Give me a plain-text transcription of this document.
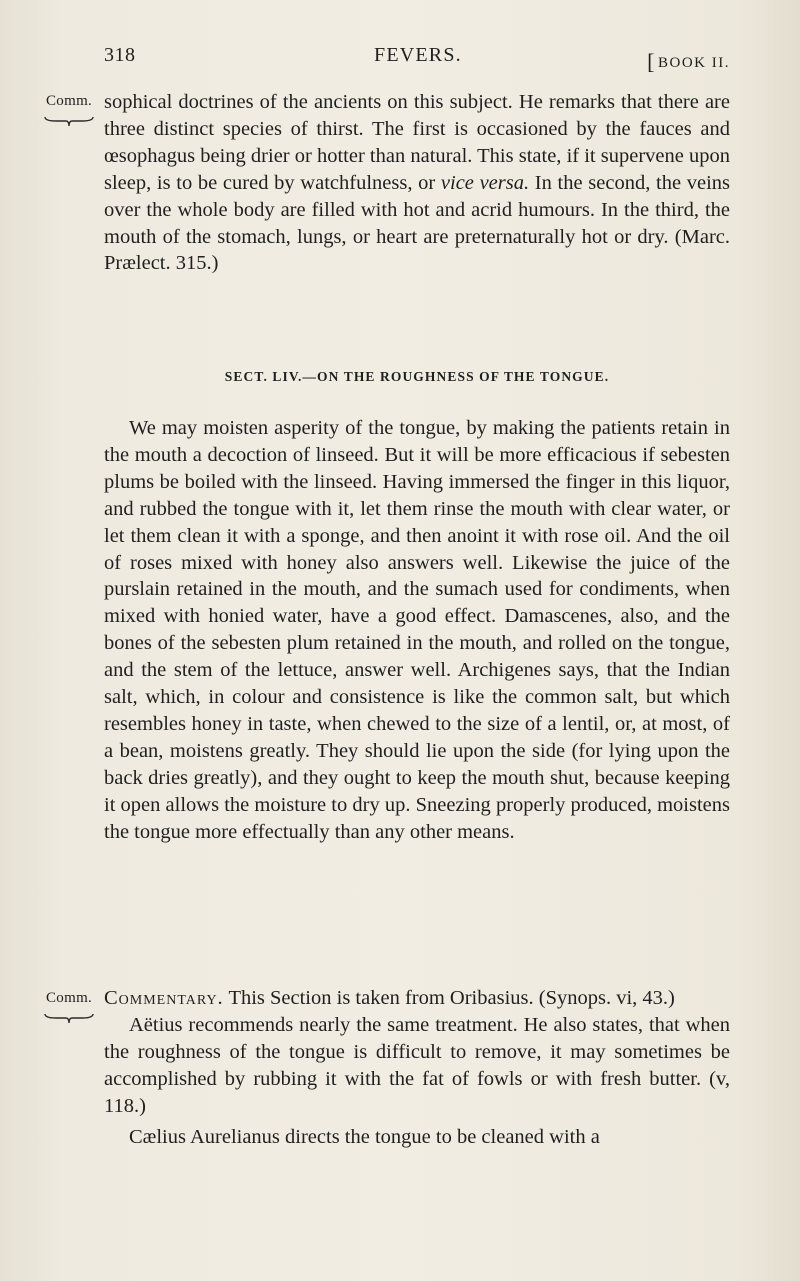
318	FEVERS.	[ BOOK II.
Comm. sophical doctrines of the ancients on this subject. He remarks that there are three distinct species of thirst. The first is occasioned by the fauces and œsophagus being drier or hotter than natural. This state, if it supervene upon sleep, is to be cured by watchfulness, or vice versa. In the second, the veins over the whole body are filled with hot and acrid humours. In the third, the mouth of the stomach, lungs, or heart are preternaturally hot or dry. (Marc. Prælect. 315.)

SECT. LIV.—ON THE ROUGHNESS OF THE TONGUE.

We may moisten asperity of the tongue, by making the patients retain in the mouth a decoction of linseed. But it will be more efficacious if sebesten plums be boiled with the linseed. Having immersed the finger in this liquor, and rubbed the tongue with it, let them rinse the mouth with clear water, or let them clean it with a sponge, and then anoint it with rose oil. And the oil of roses mixed with honey also answers well. Likewise the juice of the purslain retained in the mouth, and the sumach used for condiments, when mixed with honied water, have a good effect. Damascenes, also, and the bones of the sebesten plum retained in the mouth, and rolled on the tongue, and the stem of the lettuce, answer well. Archigenes says, that the Indian salt, which, in colour and consistence is like the common salt, but which resembles honey in taste, when chewed to the size of a lentil, or, at most, of a bean, moistens greatly. They should lie upon the side (for lying upon the back dries greatly), and they ought to keep the mouth shut, because keeping it open allows the moisture to dry up. Sneezing properly produced, moistens the tongue more effectually than any other means.

Comm. Commentary. This Section is taken from Oribasius. (Synops. vi, 43.)

Aëtius recommends nearly the same treatment. He also states, that when the roughness of the tongue is difficult to remove, it may sometimes be accomplished by rubbing it with the fat of fowls or with fresh butter. (v, 118.)

Cælius Aurelianus directs the tongue to be cleaned with a
